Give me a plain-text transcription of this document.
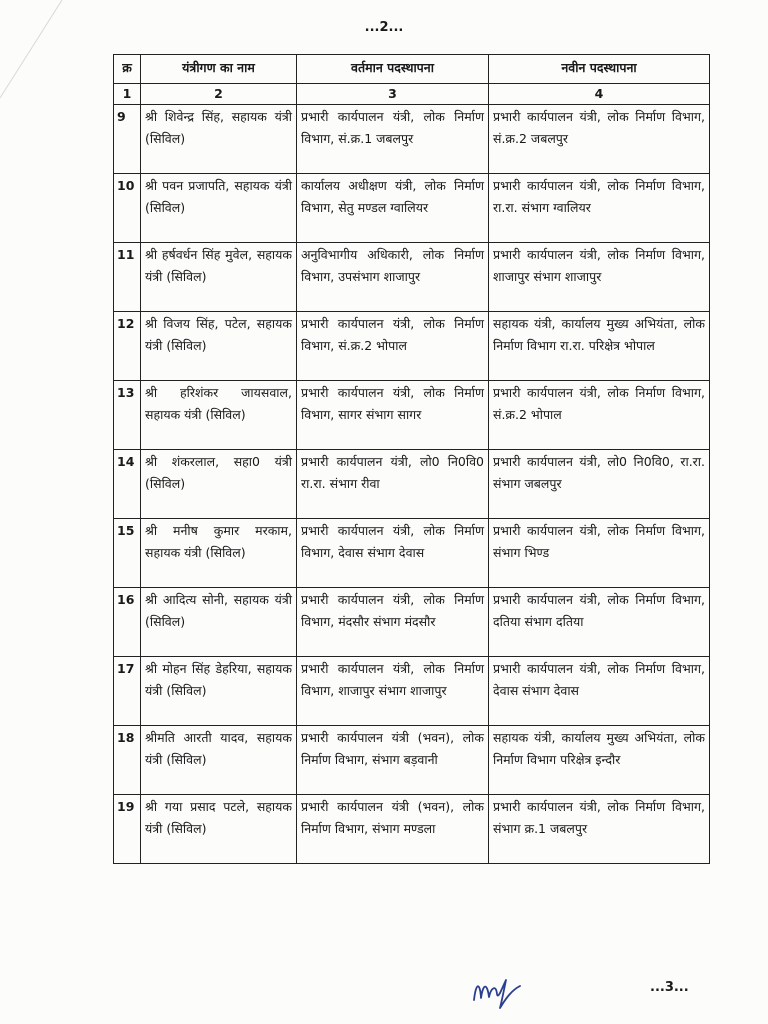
...2...
क्र	यंत्रीगण का नाम	वर्तमान पदस्थापना	नवीन पदस्थापना
1	2	3	4
9	श्री शिवेन्द्र सिंह, सहायक यंत्री (सिविल)	प्रभारी कार्यपालन यंत्री, लोक निर्माण विभाग, सं.क्र.1 जबलपुर	प्रभारी कार्यपालन यंत्री, लोक निर्माण विभाग, सं.क्र.2 जबलपुर
10	श्री पवन प्रजापति, सहायक यंत्री (सिविल)	कार्यालय अधीक्षण यंत्री, लोक निर्माण विभाग, सेतु मण्डल ग्वालियर	प्रभारी कार्यपालन यंत्री, लोक निर्माण विभाग, रा.रा. संभाग ग्वालियर
11	श्री हर्षवर्धन सिंह मुवेल, सहायक यंत्री (सिविल)	अनुविभागीय अधिकारी, लोक निर्माण विभाग, उपसंभाग शाजापुर	प्रभारी कार्यपालन यंत्री, लोक निर्माण विभाग, शाजापुर संभाग शाजापुर
12	श्री विजय सिंह, पटेल, सहायक यंत्री (सिविल)	प्रभारी कार्यपालन यंत्री, लोक निर्माण विभाग, सं.क्र.2 भोपाल	सहायक यंत्री, कार्यालय मुख्य अभियंता, लोक निर्माण विभाग रा.रा. परिक्षेत्र भोपाल
13	श्री हरिशंकर जायसवाल, सहायक यंत्री (सिविल)	प्रभारी कार्यपालन यंत्री, लोक निर्माण विभाग, सागर संभाग सागर	प्रभारी कार्यपालन यंत्री, लोक निर्माण विभाग, सं.क्र.2 भोपाल
14	श्री शंकरलाल, सहा0 यंत्री (सिविल)	प्रभारी कार्यपालन यंत्री, लो0 नि0वि0 रा.रा. संभाग रीवा	प्रभारी कार्यपालन यंत्री, लो0 नि0वि0, रा.रा. संभाग जबलपुर
15	श्री मनीष कुमार मरकाम, सहायक यंत्री (सिविल)	प्रभारी कार्यपालन यंत्री, लोक निर्माण विभाग, देवास संभाग देवास	प्रभारी कार्यपालन यंत्री, लोक निर्माण विभाग, संभाग भिण्ड
16	श्री आदित्य सोनी, सहायक यंत्री (सिविल)	प्रभारी कार्यपालन यंत्री, लोक निर्माण विभाग, मंदसौर संभाग मंदसौर	प्रभारी कार्यपालन यंत्री, लोक निर्माण विभाग, दतिया संभाग दतिया
17	श्री मोहन सिंह डेहरिया, सहायक यंत्री (सिविल)	प्रभारी कार्यपालन यंत्री, लोक निर्माण विभाग, शाजापुर संभाग शाजापुर	प्रभारी कार्यपालन यंत्री, लोक निर्माण विभाग, देवास संभाग देवास
18	श्रीमति आरती यादव, सहायक यंत्री (सिविल)	प्रभारी कार्यपालन यंत्री (भवन), लोक निर्माण विभाग, संभाग बड़वानी	सहायक यंत्री, कार्यालय मुख्य अभियंता, लोक निर्माण विभाग परिक्षेत्र इन्दौर
19	श्री गया प्रसाद पटले, सहायक यंत्री (सिविल)	प्रभारी कार्यपालन यंत्री (भवन), लोक निर्माण विभाग, संभाग मण्डला	प्रभारी कार्यपालन यंत्री, लोक निर्माण विभाग, संभाग क्र.1 जबलपुर
...3...
